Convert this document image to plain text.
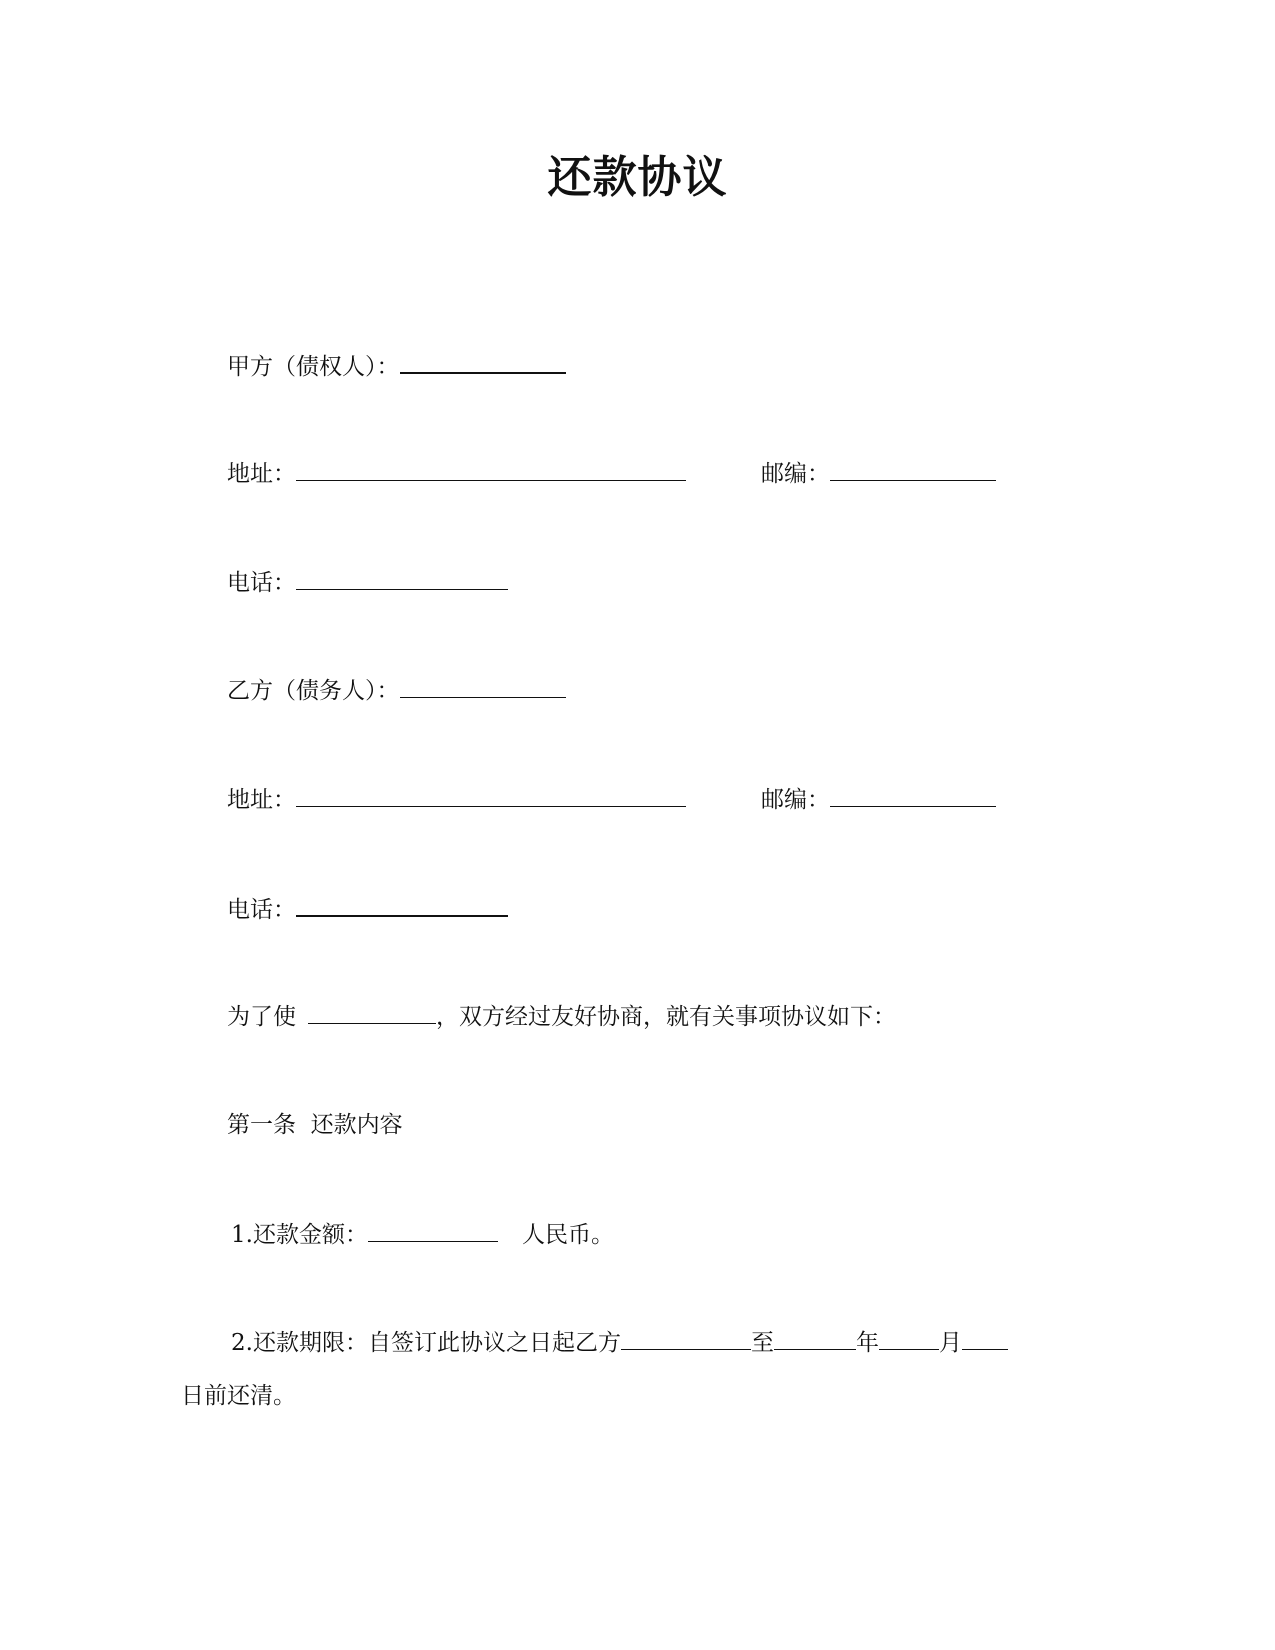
还款协议
甲方（债权人）：
地址：	邮编：
电话：
乙方（债务人）：
地址：	邮编：
电话：
为了使	，双方经过友好协商，就有关事项协议如下：
第一条  还款内容
1.还款金额：	人民币。
2.还款期限：自签订此协议之日起乙方	至	年	月
日前还清。
